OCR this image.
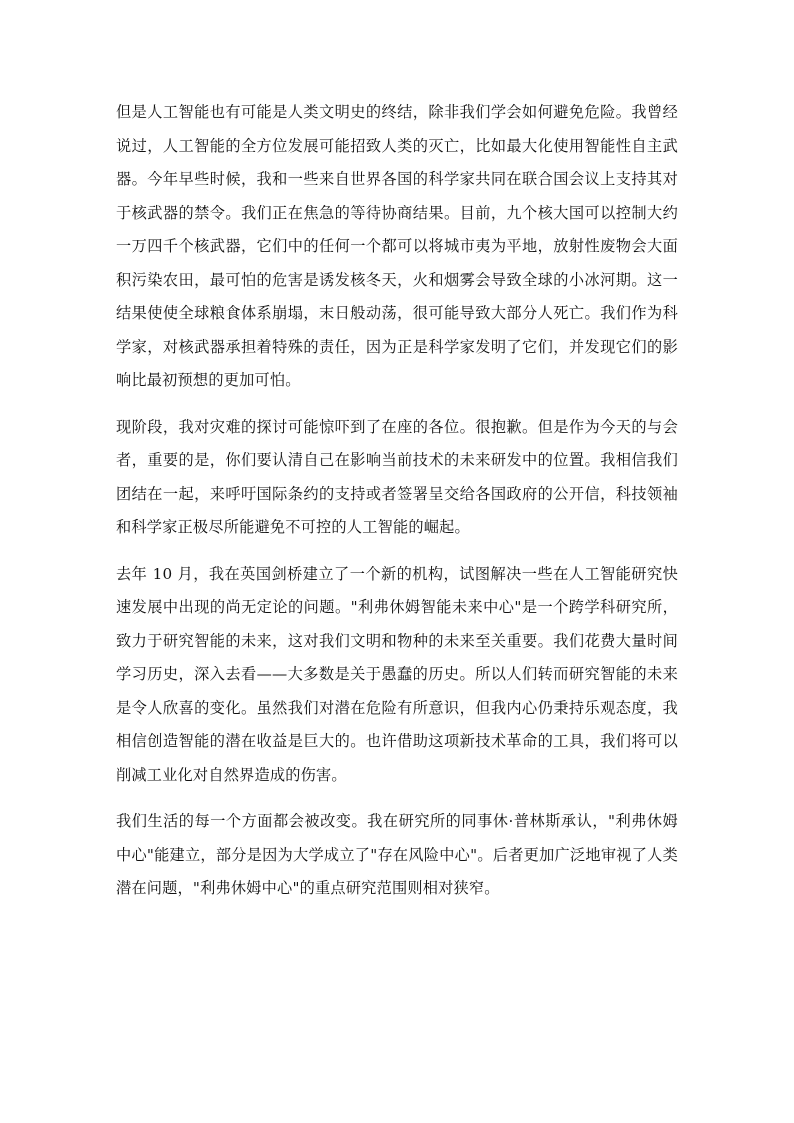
但是人工智能也有可能是人类文明史的终结，除非我们学会如何避免危险。我曾经说过，人工智能的全方位发展可能招致人类的灭亡，比如最大化使用智能性自主武器。今年早些时候，我和一些来自世界各国的科学家共同在联合国会议上支持其对于核武器的禁令。我们正在焦急的等待协商结果。目前，九个核大国可以控制大约一万四千个核武器，它们中的任何一个都可以将城市夷为平地，放射性废物会大面积污染农田，最可怕的危害是诱发核冬天，火和烟雾会导致全球的小冰河期。这一结果使使全球粮食体系崩塌，末日般动荡，很可能导致大部分人死亡。我们作为科学家，对核武器承担着特殊的责任，因为正是科学家发明了它们，并发现它们的影响比最初预想的更加可怕。

现阶段，我对灾难的探讨可能惊吓到了在座的各位。很抱歉。但是作为今天的与会者，重要的是，你们要认清自己在影响当前技术的未来研发中的位置。我相信我们团结在一起，来呼吁国际条约的支持或者签署呈交给各国政府的公开信，科技领袖和科学家正极尽所能避免不可控的人工智能的崛起。

去年 10 月，我在英国剑桥建立了一个新的机构，试图解决一些在人工智能研究快速发展中出现的尚无定论的问题。"利弗休姆智能未来中心"是一个跨学科研究所，致力于研究智能的未来，这对我们文明和物种的未来至关重要。我们花费大量时间学习历史，深入去看——大多数是关于愚蠢的历史。所以人们转而研究智能的未来是令人欣喜的变化。虽然我们对潜在危险有所意识，但我内心仍秉持乐观态度，我相信创造智能的潜在收益是巨大的。也许借助这项新技术革命的工具，我们将可以削减工业化对自然界造成的伤害。

我们生活的每一个方面都会被改变。我在研究所的同事休·普林斯承认，"利弗休姆中心"能建立，部分是因为大学成立了"存在风险中心"。后者更加广泛地审视了人类潜在问题，"利弗休姆中心"的重点研究范围则相对狭窄。
